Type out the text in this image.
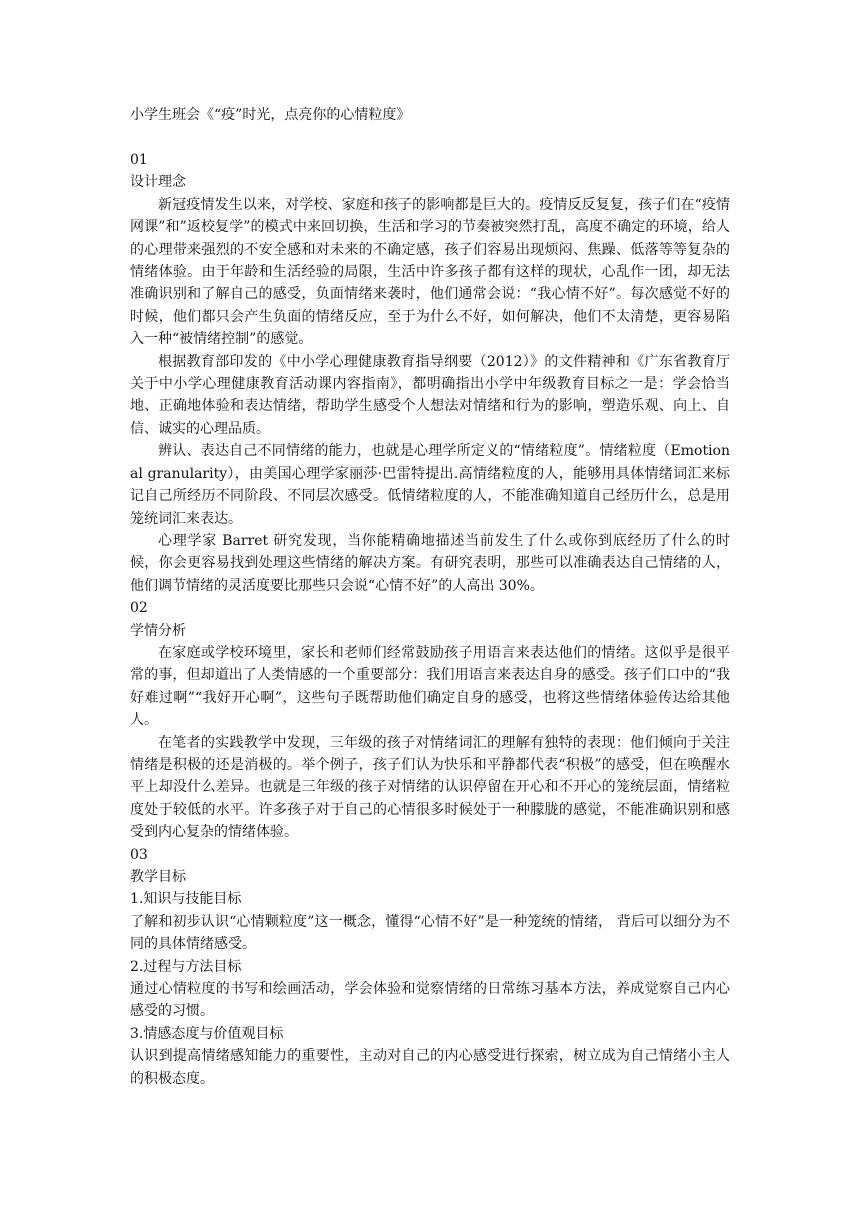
小学生班会《“疫”时光，点亮你的心情粒度》
01
设计理念

新冠疫情发生以来，对学校、家庭和孩子的影响都是巨大的。疫情反反复复，孩子们在“疫情网课”和”返校复学”的模式中来回切换，生活和学习的节奏被突然打乱，高度不确定的环境，给人的心理带来强烈的不安全感和对未来的不确定感，孩子们容易出现烦闷、焦躁、低落等等复杂的情绪体验。由于年龄和生活经验的局限，生活中许多孩子都有这样的现状，心乱作一团，却无法准确识别和了解自己的感受，负面情绪来袭时，他们通常会说：“我心情不好”。每次感觉不好的时候，他们都只会产生负面的情绪反应，至于为什么不好，如何解决，他们不太清楚，更容易陷入一种“被情绪控制”的感觉。

根据教育部印发的《中小学心理健康教育指导纲要（2012）》的文件精神和《广东省教育厅关于中小学心理健康教育活动课内容指南》，都明确指出小学中年级教育目标之一是：学会恰当地、正确地体验和表达情绪，帮助学生感受个人想法对情绪和行为的影响，塑造乐观、向上、自信、诚实的心理品质。

辨认、表达自己不同情绪的能力，也就是心理学所定义的“情绪粒度”。情绪粒度（Emotional granularity），由美国心理学家丽莎·巴雷特提出.高情绪粒度的人，能够用具体情绪词汇来标记自己所经历不同阶段、不同层次感受。低情绪粒度的人，不能准确知道自己经历什么，总是用笼统词汇来表达。

心理学家 Barret 研究发现，当你能精确地描述当前发生了什么或你到底经历了什么的时候，你会更容易找到处理这些情绪的解决方案。有研究表明，那些可以准确表达自己情绪的人，他们调节情绪的灵活度要比那些只会说“心情不好”的人高出 30%。

02
学情分析

在家庭或学校环境里，家长和老师们经常鼓励孩子用语言来表达他们的情绪。这似乎是很平常的事，但却道出了人类情感的一个重要部分：我们用语言来表达自身的感受。孩子们口中的“我好难过啊”“我好开心啊”，这些句子既帮助他们确定自身的感受，也将这些情绪体验传达给其他人。

在笔者的实践教学中发现，三年级的孩子对情绪词汇的理解有独特的表现：他们倾向于关注情绪是积极的还是消极的。举个例子，孩子们认为快乐和平静都代表“积极”的感受，但在唤醒水平上却没什么差异。也就是三年级的孩子对情绪的认识停留在开心和不开心的笼统层面，情绪粒度处于较低的水平。许多孩子对于自己的心情很多时候处于一种朦胧的感觉，不能准确识别和感受到内心复杂的情绪体验。

03
教学目标
1.知识与技能目标

了解和初步认识“心情颗粒度”这一概念，懂得“心情不好”是一种笼统的情绪， 背后可以细分为不同的具体情绪感受。

2.过程与方法目标

通过心情粒度的书写和绘画活动，学会体验和觉察情绪的日常练习基本方法，养成觉察自己内心感受的习惯。

3.情感态度与价值观目标

认识到提高情绪感知能力的重要性，主动对自己的内心感受进行探索，树立成为自己情绪小主人的积极态度。
